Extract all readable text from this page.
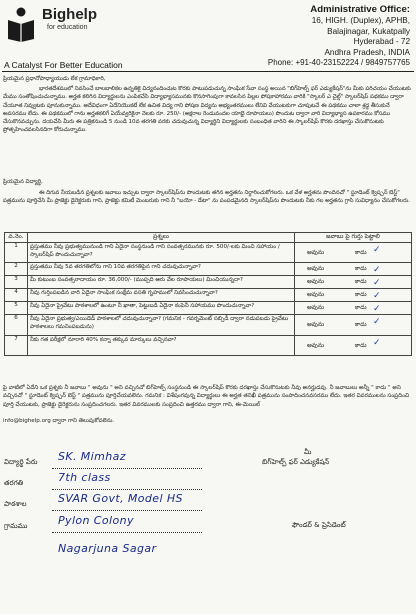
Bighelp
for education
A Catalyst For Better Education
Administrative Office:
16, HIGH. (Duplex), APHB,
Balajinagar, Kukatpally
Hyderabad - 72
Andhra Pradesh, INDIA
Phone: +91-40-23152224 / 9849757765
ప్రియమైన ప్రధానోపాధ్యాయుడు లేక గ్రామాధికారి,
భారతదేశములో నివసించే బాలబాలికల ఉన్నతికై విద్యనందించుట కొరకు పాటుపడుచున్న సాంఘిక సేవా సంస్థ అయిన "బిగ్‌హెల్ప్ ఫర్ ఎడ్యుకేషన్"ను మీకు పరిచయం చేయుటకు మేము సంతోషించుచున్నాము. అర్హత కలిగిన విద్యార్థులను ఎంపికచేసి విద్యాభ్యాసమునకు కొనసాగింపుగా కావలసిన పిల్లల పోషకాహారము వారికి "స్కాలర్ ఎ చైల్డ్" స్కాలర్‌షిప్ పథకము ద్వారా చేయూత నివ్వుటకు పూనుకున్నాము. అదేవిధంగా ఏదేనియొకటే లేక ఉచిత విద్య గాని పోషణ విద్యను అభ్యంతరములు లేనివి వేయుటకుగా చూపుటచే ఈ పథకము చాలా శ్రద్ధ తీసుకునే అవసరము లేదు. ఈ పథకములో గాను అర్హతకలిగే ఏయేవ్వరికైనా నెలకు రూ. 250/- (అక్షరాల రెండువందల యాభై రూపాయలు) పొందుట ద్వారా వారి విద్యాభ్యాస ఉపకారము కోసము చేసుకొనవచ్చును. దయచేసి మీరు ఈ పత్రికనుండి 5 నుండి 10వ తరగతి వరకు చదువుచున్న విద్యార్థిని విద్యార్థులకు సంబంధిత వారిని ఈ స్కాలర్‌షిప్ కొరకు దరఖాస్తు చేసుకొనుటకు ప్రోత్సహించవలసినదిగా కోరుచున్నాము.
ప్రియమైన విద్యార్థి,
ఈ దిగువ నీయబడిన ప్రశ్నలకు జవాబు ఇచ్చుట ద్వారా స్కాలర్‌షిప్‌ను పొందుటకు తగిన అర్హతను నిర్ధారించుకోగలరు. ఒక వేళ అర్హతను పొందినచో " స్టూడెంట్ క్వెష్చన్ బెస్ట్" పత్రమును పూర్తిచేసి మీ ప్రాజెక్టు డైరెక్టరుకు గాని, ప్రాజెక్టు కమిటీ మెంబరుకు గాని నీ "బయో - డేటా" ను పంపడమైనది స్కాలర్‌షిప్‌ను పొందుటకు నీకు గల అర్హతను గ్రాసి సువిధ్యానం చేసుకోగలరు.
వ.నెం.	ప్రశ్నలు	జవాబు పై గుర్తు పెట్టాలి
1	ప్రస్తుతము నీవు ప్రభుత్వమునుండి గాని ఏదైనా సంస్థనుండి గాని సంవత్సరమునకు రూ. 500/-లకు మించి సహాయం / స్కాలర్‌షిప్ పొందుచున్నావా?	అవును కాదు ✓

2	ప్రస్తుతము నీవు 5వ తరగతిలోను గాని 10వ తరగతిపైన గాని చదువుచున్నావా?	అవును కాదు ✓

3	మీ కుటుంబ సంవత్సరాదాయం రూ. 36,000/- (ముప్పది ఆరు వేల రూపాయలు) మించియున్నదా?	అవును కాదు ✓

4	నీవు గుర్తింపబడిన వారి ఏదైనా సాంఘిక సంక్షేమ వసతి గృహములో నివసించుచున్నావా?	అవును కాదు ✓

5	నీవు ఏదైనా ప్రైవేటు పాఠశాలలో ఉంటూ నీ ఖాతా, పెట్టుబడి ఏదైనా కంపెనీ సహాయము పొందుచున్నావా?	అవును కాదు ✓

6	నీవు ఏదైనా ప్రభుత్వ/ఎయిడెడ్ పాఠశాలలో చదువుచున్నావా? (గమనిక - గవర్నమెంట్ సబ్సిడీ ద్వారా నడుపబడు ప్రైవేటు పాఠశాలలు గమనింపబడును)	అవును కాదు ✓

7	నీకు గత పరీక్షలో నూరారి 40% కన్నా తక్కువ మార్కులు వచ్చినవా?	అవును కాదు ✓
పై వాటిలో ఏదేని ఒక ప్రశ్నకు నీ జవాబు " అవును " అని వచ్చినచో బిగ్‌హెల్ప్ సంస్థనుండి ఈ స్కాలర్‌షిప్ కొరకు దరఖాస్తు చేసుకొనుటకు నీవు అనర్హుడవు. నీ జవాబులు అన్నీ " కాదు " అని వచ్చినచో " స్టూడెంట్ క్వెష్చన్ బెస్ట్ " పత్రమును పూర్తిచేయవలెను. గమనిక : విశేషంగవున్న విద్యార్థులు ఈ అర్హత తనిఖీ పత్రమును సంపాదించనవసరము లేదు. ఇతర వివరములను సంప్రదించి పూర్తి చేయుటకు, ప్రాజెక్టు డైరెక్టరును సంప్రదించగలరు. ఇతర వివరములకు సంప్రదించి ఉత్తరము ద్వారా గాని, ఈ-మెయిల్
info@bighelp.org ద్వారా గాని తెలుపుకోవలెను.
విద్యార్థి పేరు SK. Mimhaz
తరగతి	7th class
పాఠశాల	SVAR Govt, Model HS
గ్రామము	Pylon Colony
Nagarjuna Sagar
మీ
బిగ్‌హెల్ప్ ఫర్ ఎడ్యుకేషన్
ఫౌండర్ & ప్రెసిడెంట్
